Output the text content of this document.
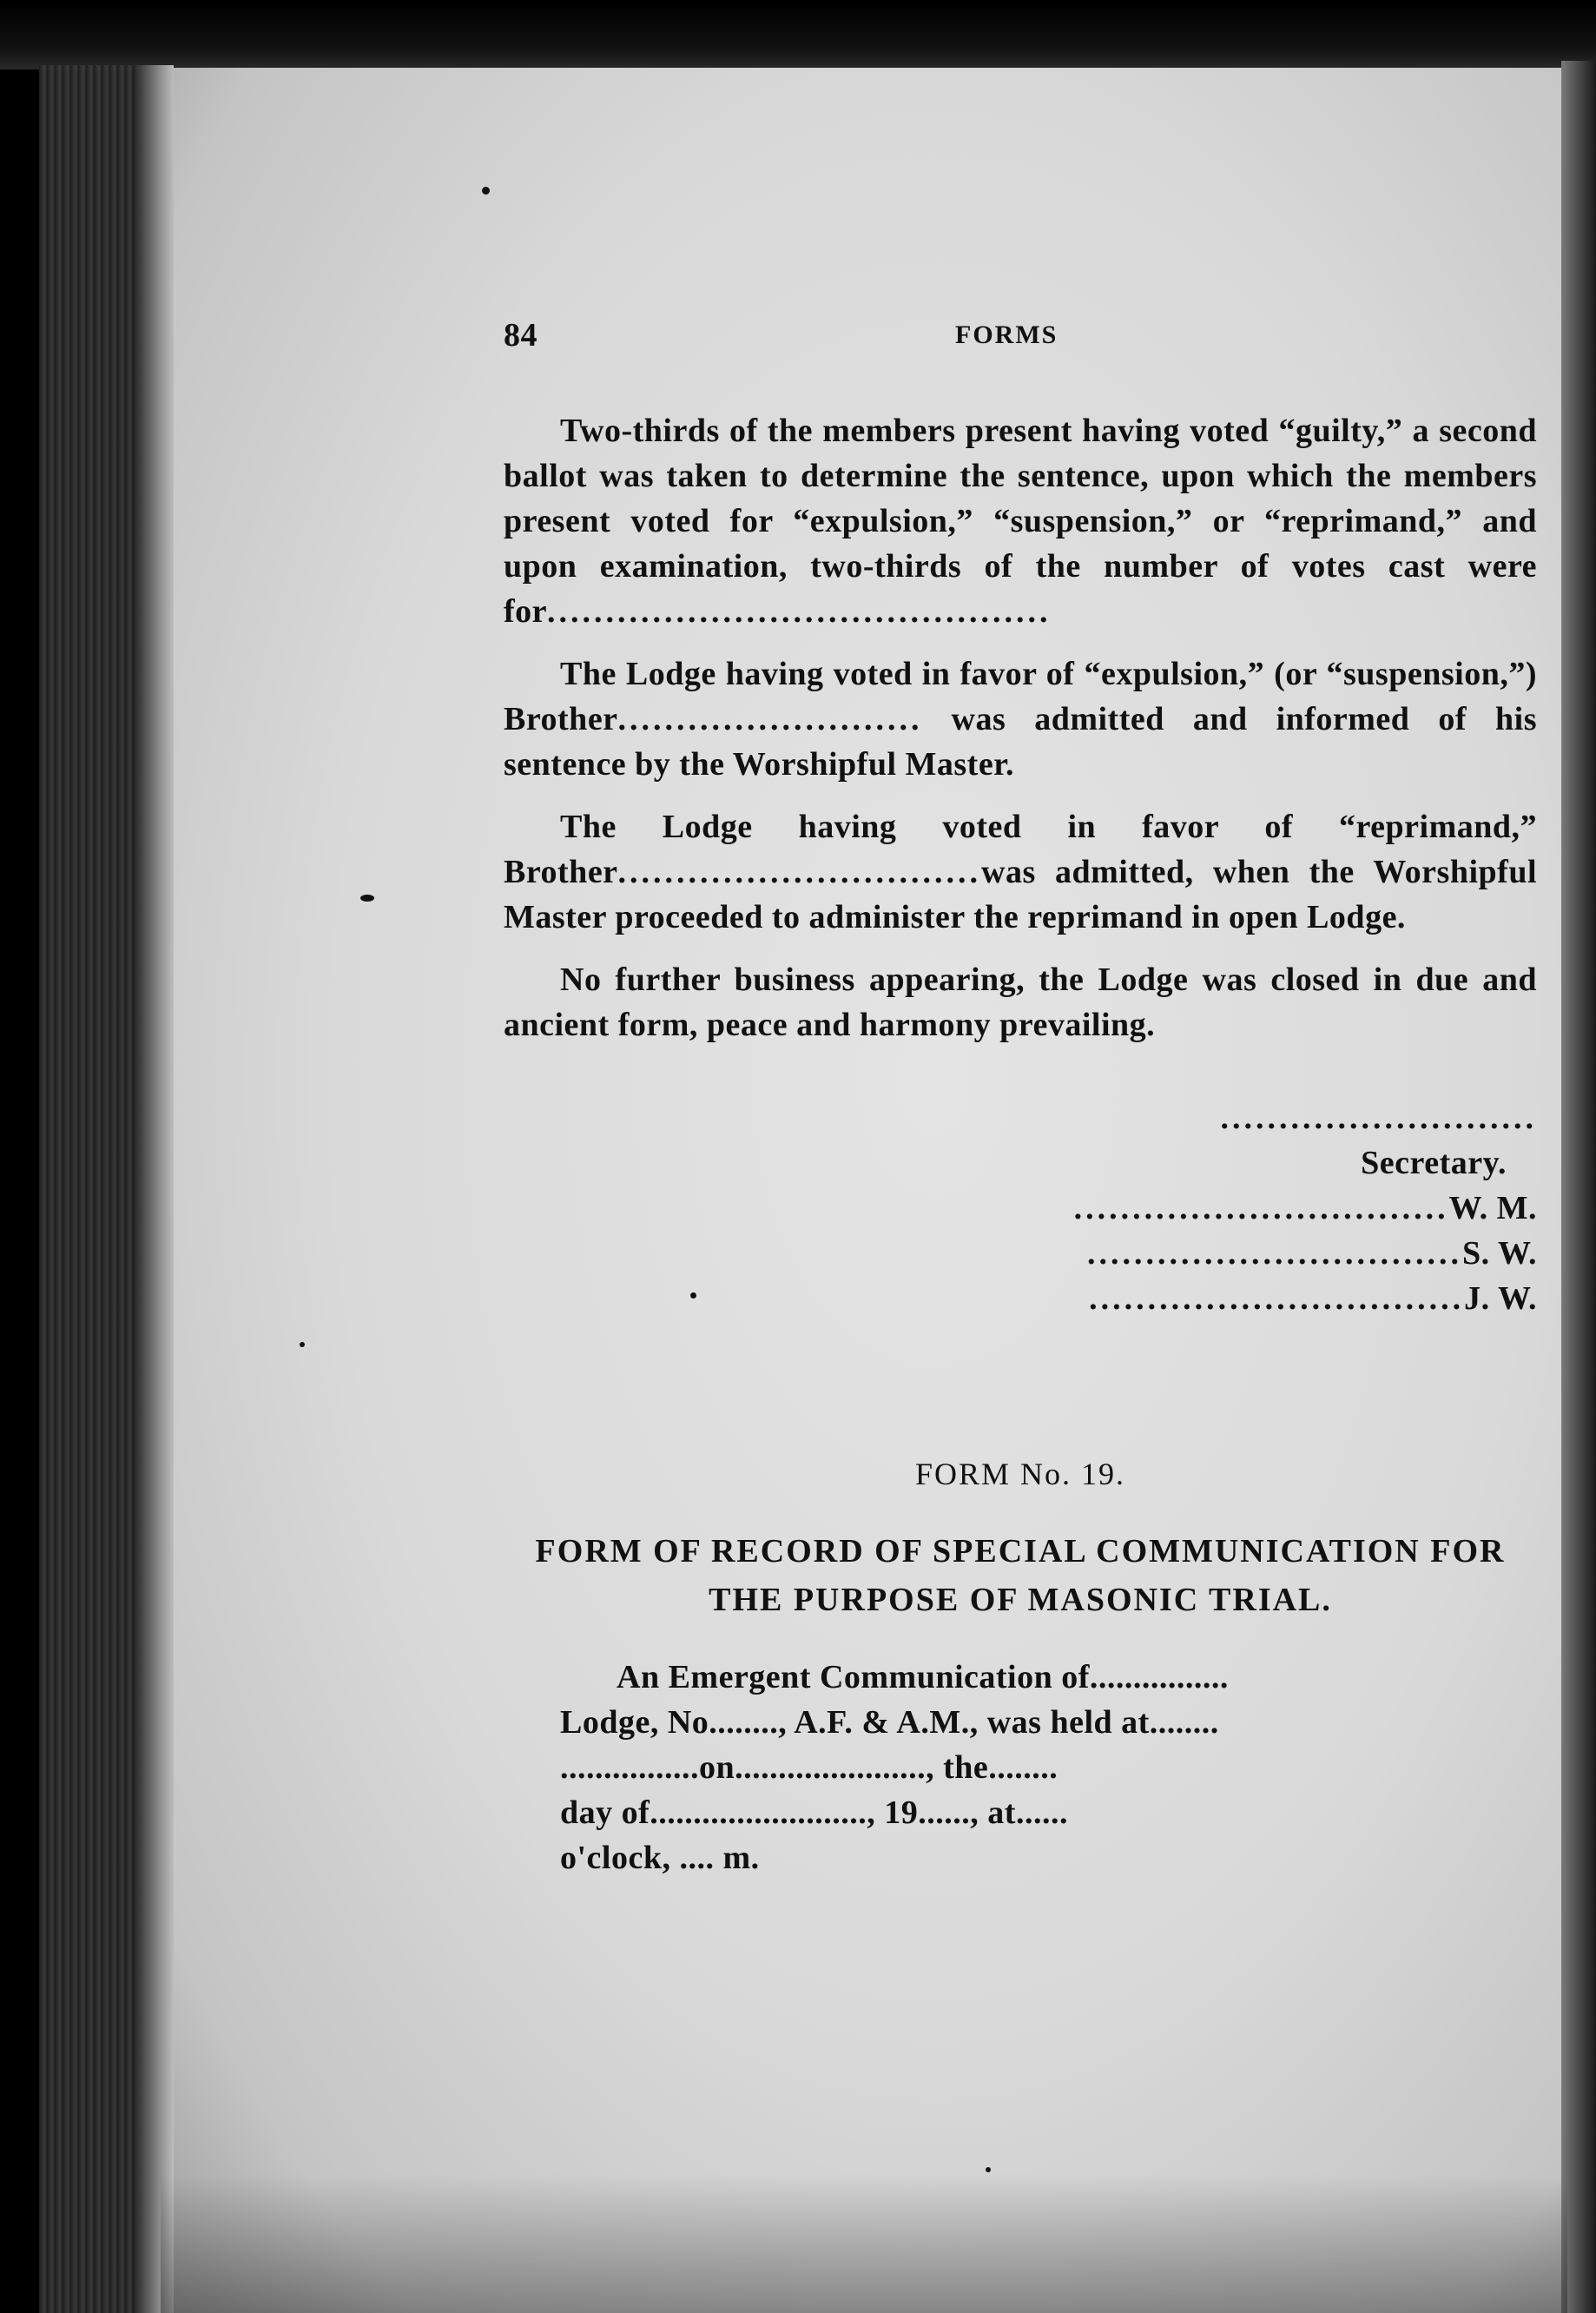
84	FORMS

Two-thirds of the members present having voted “guilty,” a second ballot was taken to determine the sentence, upon which the members present voted for “expulsion,” “suspension,” or “reprimand,” and upon examination, two-thirds of the number of votes cast were for...........................................

The Lodge having voted in favor of “expulsion,” (or “suspension,”) Brother.......................... was admitted and informed of his sentence by the Worshipful Master.

The Lodge having voted in favor of “reprimand,” Brother...............................was admitted, when the Worshipful Master proceeded to administer the reprimand in open Lodge.

No further business appearing, the Lodge was closed in due and ancient form, peace and harmony prevailing.

...........................
Secretary.
................................W. M.
................................S. W.
................................J. W.
FORM No. 19.
FORM OF RECORD OF SPECIAL COMMUNICATION FOR THE PURPOSE OF MASONIC TRIAL.
An Emergent Communication of................
Lodge, No........, A.F. & A.M., was held at........
................on......................, the........
day of........................., 19......, at......
o'clock, .... m.
